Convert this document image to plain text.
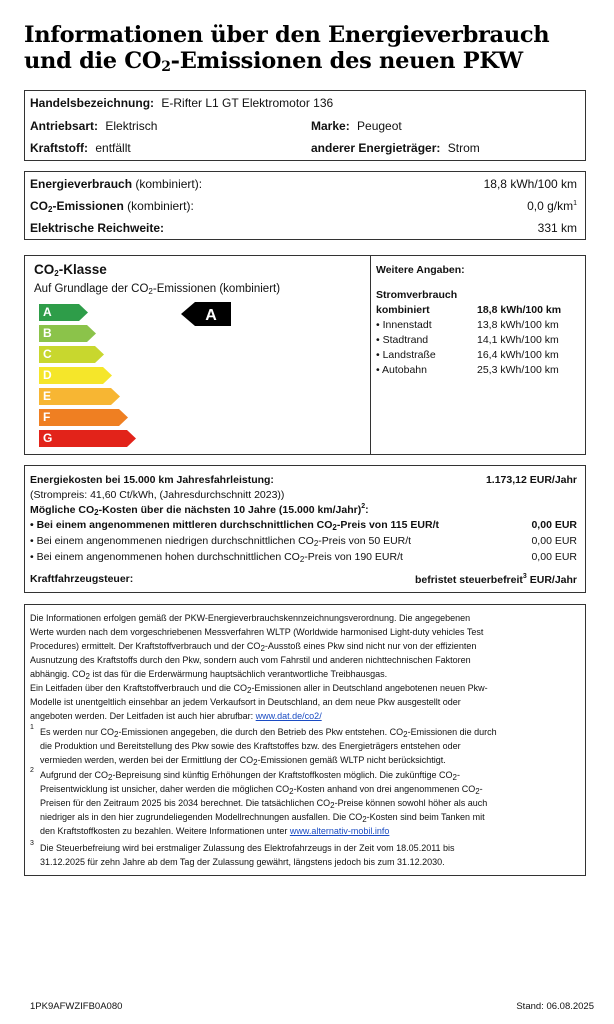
Informationen über den Energieverbrauch
und die CO2-Emissionen des neuen PKW
Handelsbezeichnung: E-Rifter L1 GT Elektromotor 136
Antriebsart: Elektrisch	Marke: Peugeot
Kraftstoff: entfällt	anderer Energieträger: Strom
Energieverbrauch (kombiniert):	18,8 kWh/100 km
$CO_2$-Emissionen (kombiniert):	0,0 $g/km^1$
Elektrische Reichweite:	331 km
$CO_2$-Klasse
Auf Grundlage der $CO_2$-Emissionen (kombiniert)
A
B
C
D
E
F
G
A
Weitere Angaben:
Stromverbrauch
kombiniert	18,8 kWh/100 km
• Innenstadt	13,8 kWh/100 km
• Stadtrand	14,1 kWh/100 km
• Landstraße	16,4 kWh/100 km
• Autobahn	25,3 kWh/100 km
Energiekosten bei 15.000 km Jahresfahrleistung:	1.173,12 EUR/Jahr
(Strompreis: 41,60 Ct/kWh, (Jahresdurchschnitt 2023))
Mögliche $CO_2$-Kosten über die nächsten 10 Jahre (15.000 km/Jahr)$^2$:
• Bei einem angenommenen mittleren durchschnittlichen $CO_2$-Preis von 115 EUR/t	0,00 EUR
• Bei einem angenommenen niedrigen durchschnittlichen $CO_2$-Preis von 50 EUR/t	0,00 EUR
• Bei einem angenommenen hohen durchschnittlichen $CO_2$-Preis von 190 EUR/t	0,00 EUR
Kraftfahrzeugsteuer:	befristet steuerbefreit$^3$ EUR/Jahr
Die Informationen erfolgen gemäß der PKW-Energieverbrauchskennzeichnungsverordnung. Die angegebenen
Werte wurden nach dem vorgeschriebenen Messverfahren WLTP (Worldwide harmonised Light-duty vehicles Test
Procedures) ermittelt. Der Kraftstoffverbrauch und der CO2-Ausstoß eines Pkw sind nicht nur von der effizienten
Ausnutzung des Kraftstoffs durch den Pkw, sondern auch vom Fahrstil und anderen nichttechnischen Faktoren
abhängig. CO2 ist das für die Erderwärmung hauptsächlich verantwortliche Treibhausgas.
Ein Leitfaden über den Kraftstoffverbrauch und die CO2-Emissionen aller in Deutschland angebotenen neuen Pkw-
Modelle ist unentgeltlich einsehbar an jedem Verkaufsort in Deutschland, an dem neue Pkw ausgestellt oder
angeboten werden. Der Leitfaden ist auch hier abrufbar: www.dat.de/co2/
1 Es werden nur CO2-Emissionen angegeben, die durch den Betrieb des Pkw entstehen. CO2-Emissionen die durch
die Produktion und Bereitstellung des Pkw sowie des Kraftstoffes bzw. des Energieträgers entstehen oder
vermieden werden, werden bei der Ermittlung der CO2-Emissionen gemäß WLTP nicht berücksichtigt.
2 Aufgrund der CO2-Bepreisung sind künftig Erhöhungen der Kraftstoffkosten möglich. Die zukünftige CO2-
Preisentwicklung ist unsicher, daher werden die möglichen CO2-Kosten anhand von drei angenommenen CO2-
Preisen für den Zeitraum 2025 bis 2034 berechnet. Die tatsächlichen CO2-Preise können sowohl höher als auch
niedriger als in den hier zugrundeliegenden Modellrechnungen ausfallen. Die CO2-Kosten sind beim Tanken mit
den Kraftstoffkosten zu bezahlen. Weitere Informationen unter www.alternativ-mobil.info
3 Die Steuerbefreiung wird bei erstmaliger Zulassung des Elektrofahrzeugs in der Zeit vom 18.05.2011 bis
31.12.2025 für zehn Jahre ab dem Tag der Zulassung gewährt, längstens jedoch bis zum 31.12.2030.
1PK9AFWZIFB0A080	Stand: 06.08.2025
